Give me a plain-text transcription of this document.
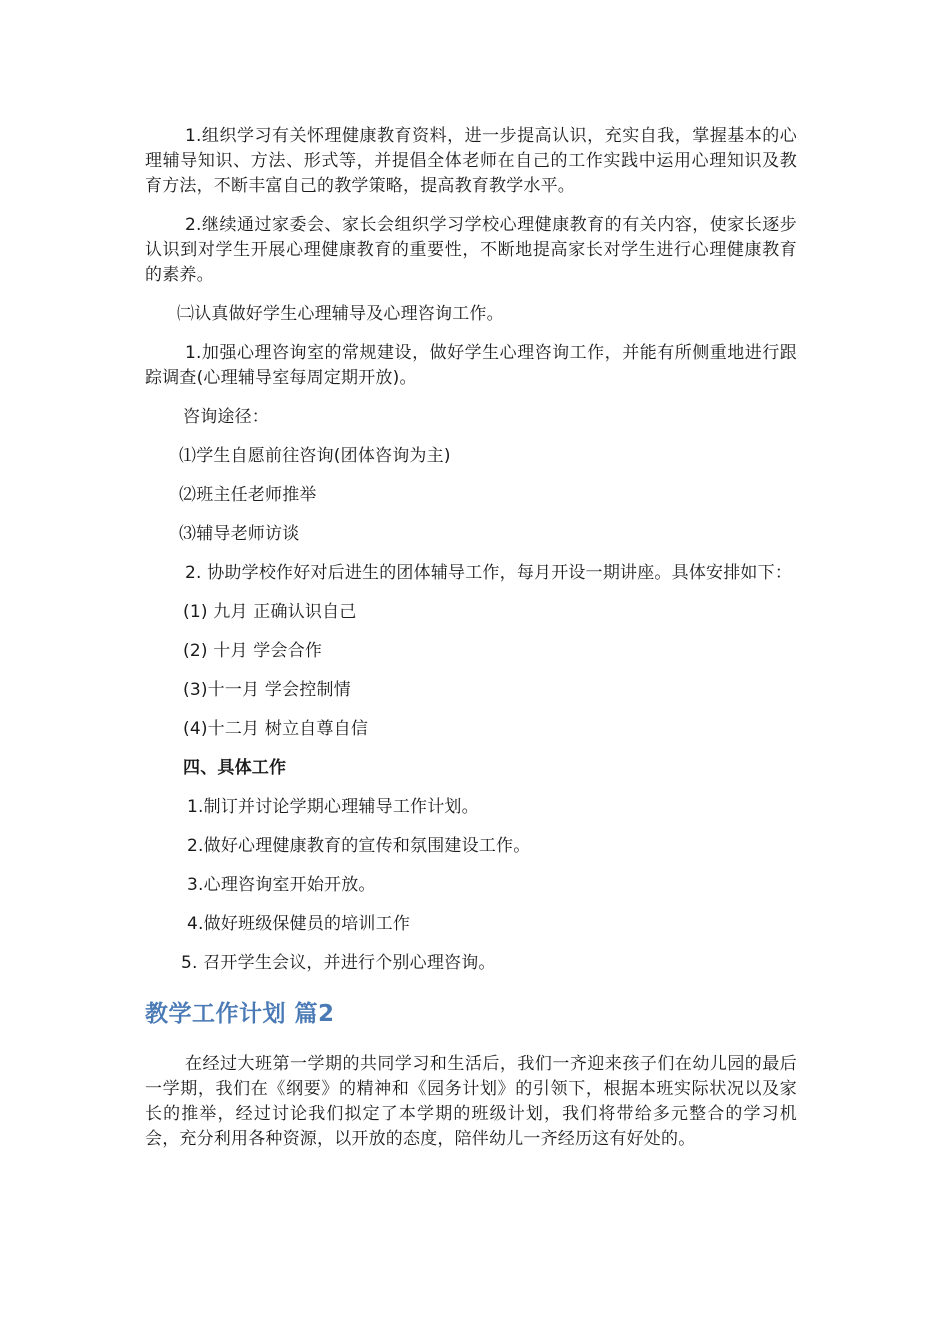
1.组织学习有关怀理健康教育资料，进一步提高认识，充实自我，掌握基本的心理辅导知识、方法、形式等，并提倡全体老师在自己的工作实践中运用心理知识及教育方法，不断丰富自己的教学策略，提高教育教学水平。

2.继续通过家委会、家长会组织学习学校心理健康教育的有关内容，使家长逐步认识到对学生开展心理健康教育的重要性，不断地提高家长对学生进行心理健康教育的素养。

㈡认真做好学生心理辅导及心理咨询工作。

1.加强心理咨询室的常规建设，做好学生心理咨询工作，并能有所侧重地进行跟踪调查(心理辅导室每周定期开放)。

咨询途径：
⑴学生自愿前往咨询(团体咨询为主)
⑵班主任老师推举
⑶辅导老师访谈

2. 协助学校作好对后进生的团体辅导工作，每月开设一期讲座。具体安排如下：

(1) 九月 正确认识自己
(2) 十月 学会合作
(3)十一月 学会控制情
(4)十二月 树立自尊自信
四、具体工作
1.制订并讨论学期心理辅导工作计划。
2.做好心理健康教育的宣传和氛围建设工作。
3.心理咨询室开始开放。
4.做好班级保健员的培训工作
5. 召开学生会议，并进行个别心理咨询。
教学工作计划 篇2

在经过大班第一学期的共同学习和生活后，我们一齐迎来孩子们在幼儿园的最后一学期，我们在《纲要》的精神和《园务计划》的引领下，根据本班实际状况以及家长的推举，经过讨论我们拟定了本学期的班级计划，我们将带给多元整合的学习机会，充分利用各种资源，以开放的态度，陪伴幼儿一齐经历这有好处的。
